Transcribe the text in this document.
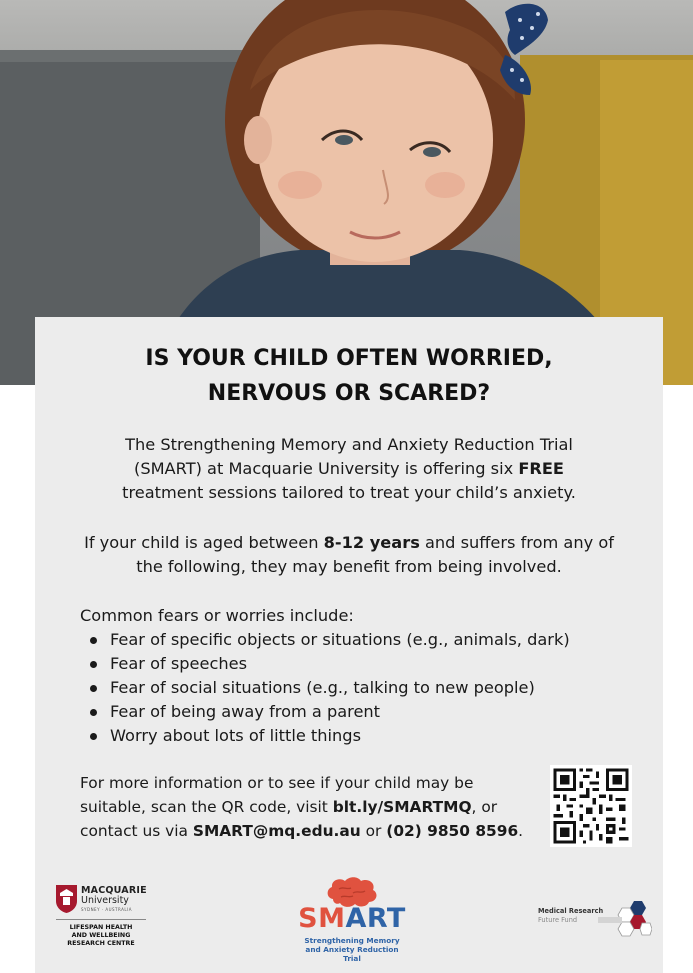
IS YOUR CHILD OFTEN WORRIED,
NERVOUS OR SCARED?
The Strengthening Memory and Anxiety Reduction Trial
(SMART) at Macquarie University is offering six FREE
treatment sessions tailored to treat your child’s anxiety.
If your child is aged between 8-12 years and suffers from any of
the following, they may benefit from being involved.
Common fears or worries include:
Fear of specific objects or situations (e.g., animals, dark)
Fear of speeches
Fear of social situations (e.g., talking to new people)
Fear of being away from a parent
Worry about lots of little things
For more information or to see if your child may be
suitable, scan the QR code, visit blt.ly/SMARTMQ, or
contact us via SMART@mq.edu.au or (02) 9850 8596.
MACQUARIE
University
SYDNEY · AUSTRALIA
LIFESPAN HEALTH
AND WELLBEING
RESEARCH CENTRE
SMART
Strengthening Memory
and Anxiety Reduction Trial
Medical Research
Future Fund
